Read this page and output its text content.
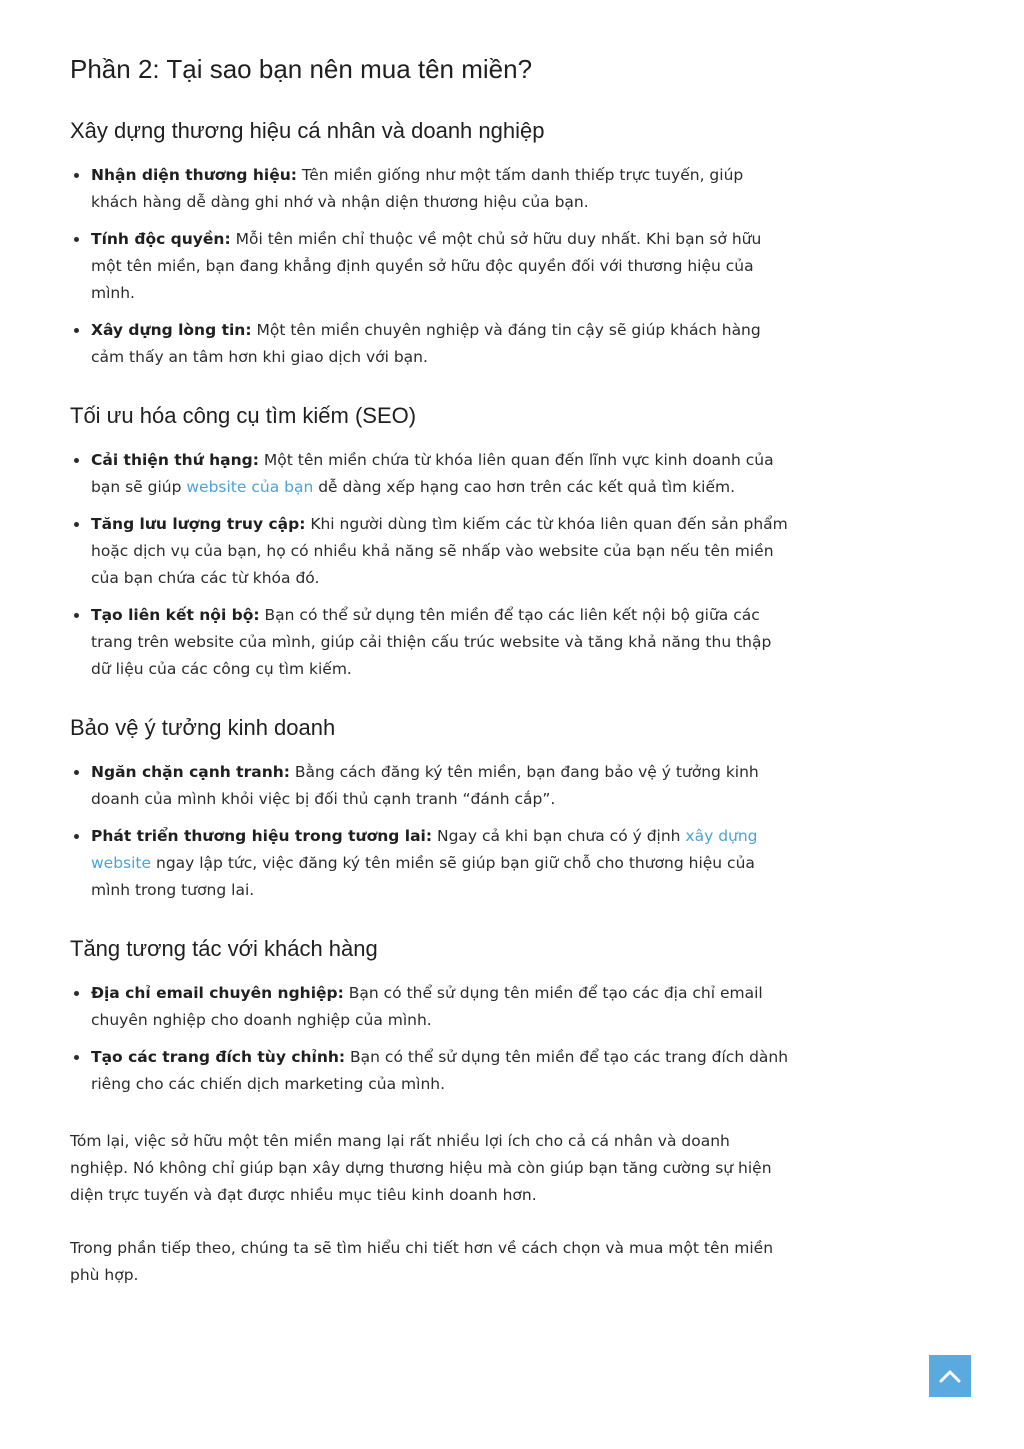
Phần 2: Tại sao bạn nên mua tên miền?
Xây dựng thương hiệu cá nhân và doanh nghiệp
Nhận diện thương hiệu: Tên miền giống như một tấm danh thiếp trực tuyến, giúp khách hàng dễ dàng ghi nhớ và nhận diện thương hiệu của bạn.
Tính độc quyền: Mỗi tên miền chỉ thuộc về một chủ sở hữu duy nhất. Khi bạn sở hữu một tên miền, bạn đang khẳng định quyền sở hữu độc quyền đối với thương hiệu của mình.
Xây dựng lòng tin: Một tên miền chuyên nghiệp và đáng tin cậy sẽ giúp khách hàng cảm thấy an tâm hơn khi giao dịch với bạn.
Tối ưu hóa công cụ tìm kiếm (SEO)
Cải thiện thứ hạng: Một tên miền chứa từ khóa liên quan đến lĩnh vực kinh doanh của bạn sẽ giúp website của bạn dễ dàng xếp hạng cao hơn trên các kết quả tìm kiếm.
Tăng lưu lượng truy cập: Khi người dùng tìm kiếm các từ khóa liên quan đến sản phẩm hoặc dịch vụ của bạn, họ có nhiều khả năng sẽ nhấp vào website của bạn nếu tên miền của bạn chứa các từ khóa đó.
Tạo liên kết nội bộ: Bạn có thể sử dụng tên miền để tạo các liên kết nội bộ giữa các trang trên website của mình, giúp cải thiện cấu trúc website và tăng khả năng thu thập dữ liệu của các công cụ tìm kiếm.
Bảo vệ ý tưởng kinh doanh
Ngăn chặn cạnh tranh: Bằng cách đăng ký tên miền, bạn đang bảo vệ ý tưởng kinh doanh của mình khỏi việc bị đối thủ cạnh tranh “đánh cắp”.
Phát triển thương hiệu trong tương lai: Ngay cả khi bạn chưa có ý định xây dựng website ngay lập tức, việc đăng ký tên miền sẽ giúp bạn giữ chỗ cho thương hiệu của mình trong tương lai.
Tăng tương tác với khách hàng
Địa chỉ email chuyên nghiệp: Bạn có thể sử dụng tên miền để tạo các địa chỉ email chuyên nghiệp cho doanh nghiệp của mình.
Tạo các trang đích tùy chỉnh: Bạn có thể sử dụng tên miền để tạo các trang đích dành riêng cho các chiến dịch marketing của mình.

Tóm lại, việc sở hữu một tên miền mang lại rất nhiều lợi ích cho cả cá nhân và doanh nghiệp. Nó không chỉ giúp bạn xây dựng thương hiệu mà còn giúp bạn tăng cường sự hiện diện trực tuyến và đạt được nhiều mục tiêu kinh doanh hơn.

Trong phần tiếp theo, chúng ta sẽ tìm hiểu chi tiết hơn về cách chọn và mua một tên miền phù hợp.
